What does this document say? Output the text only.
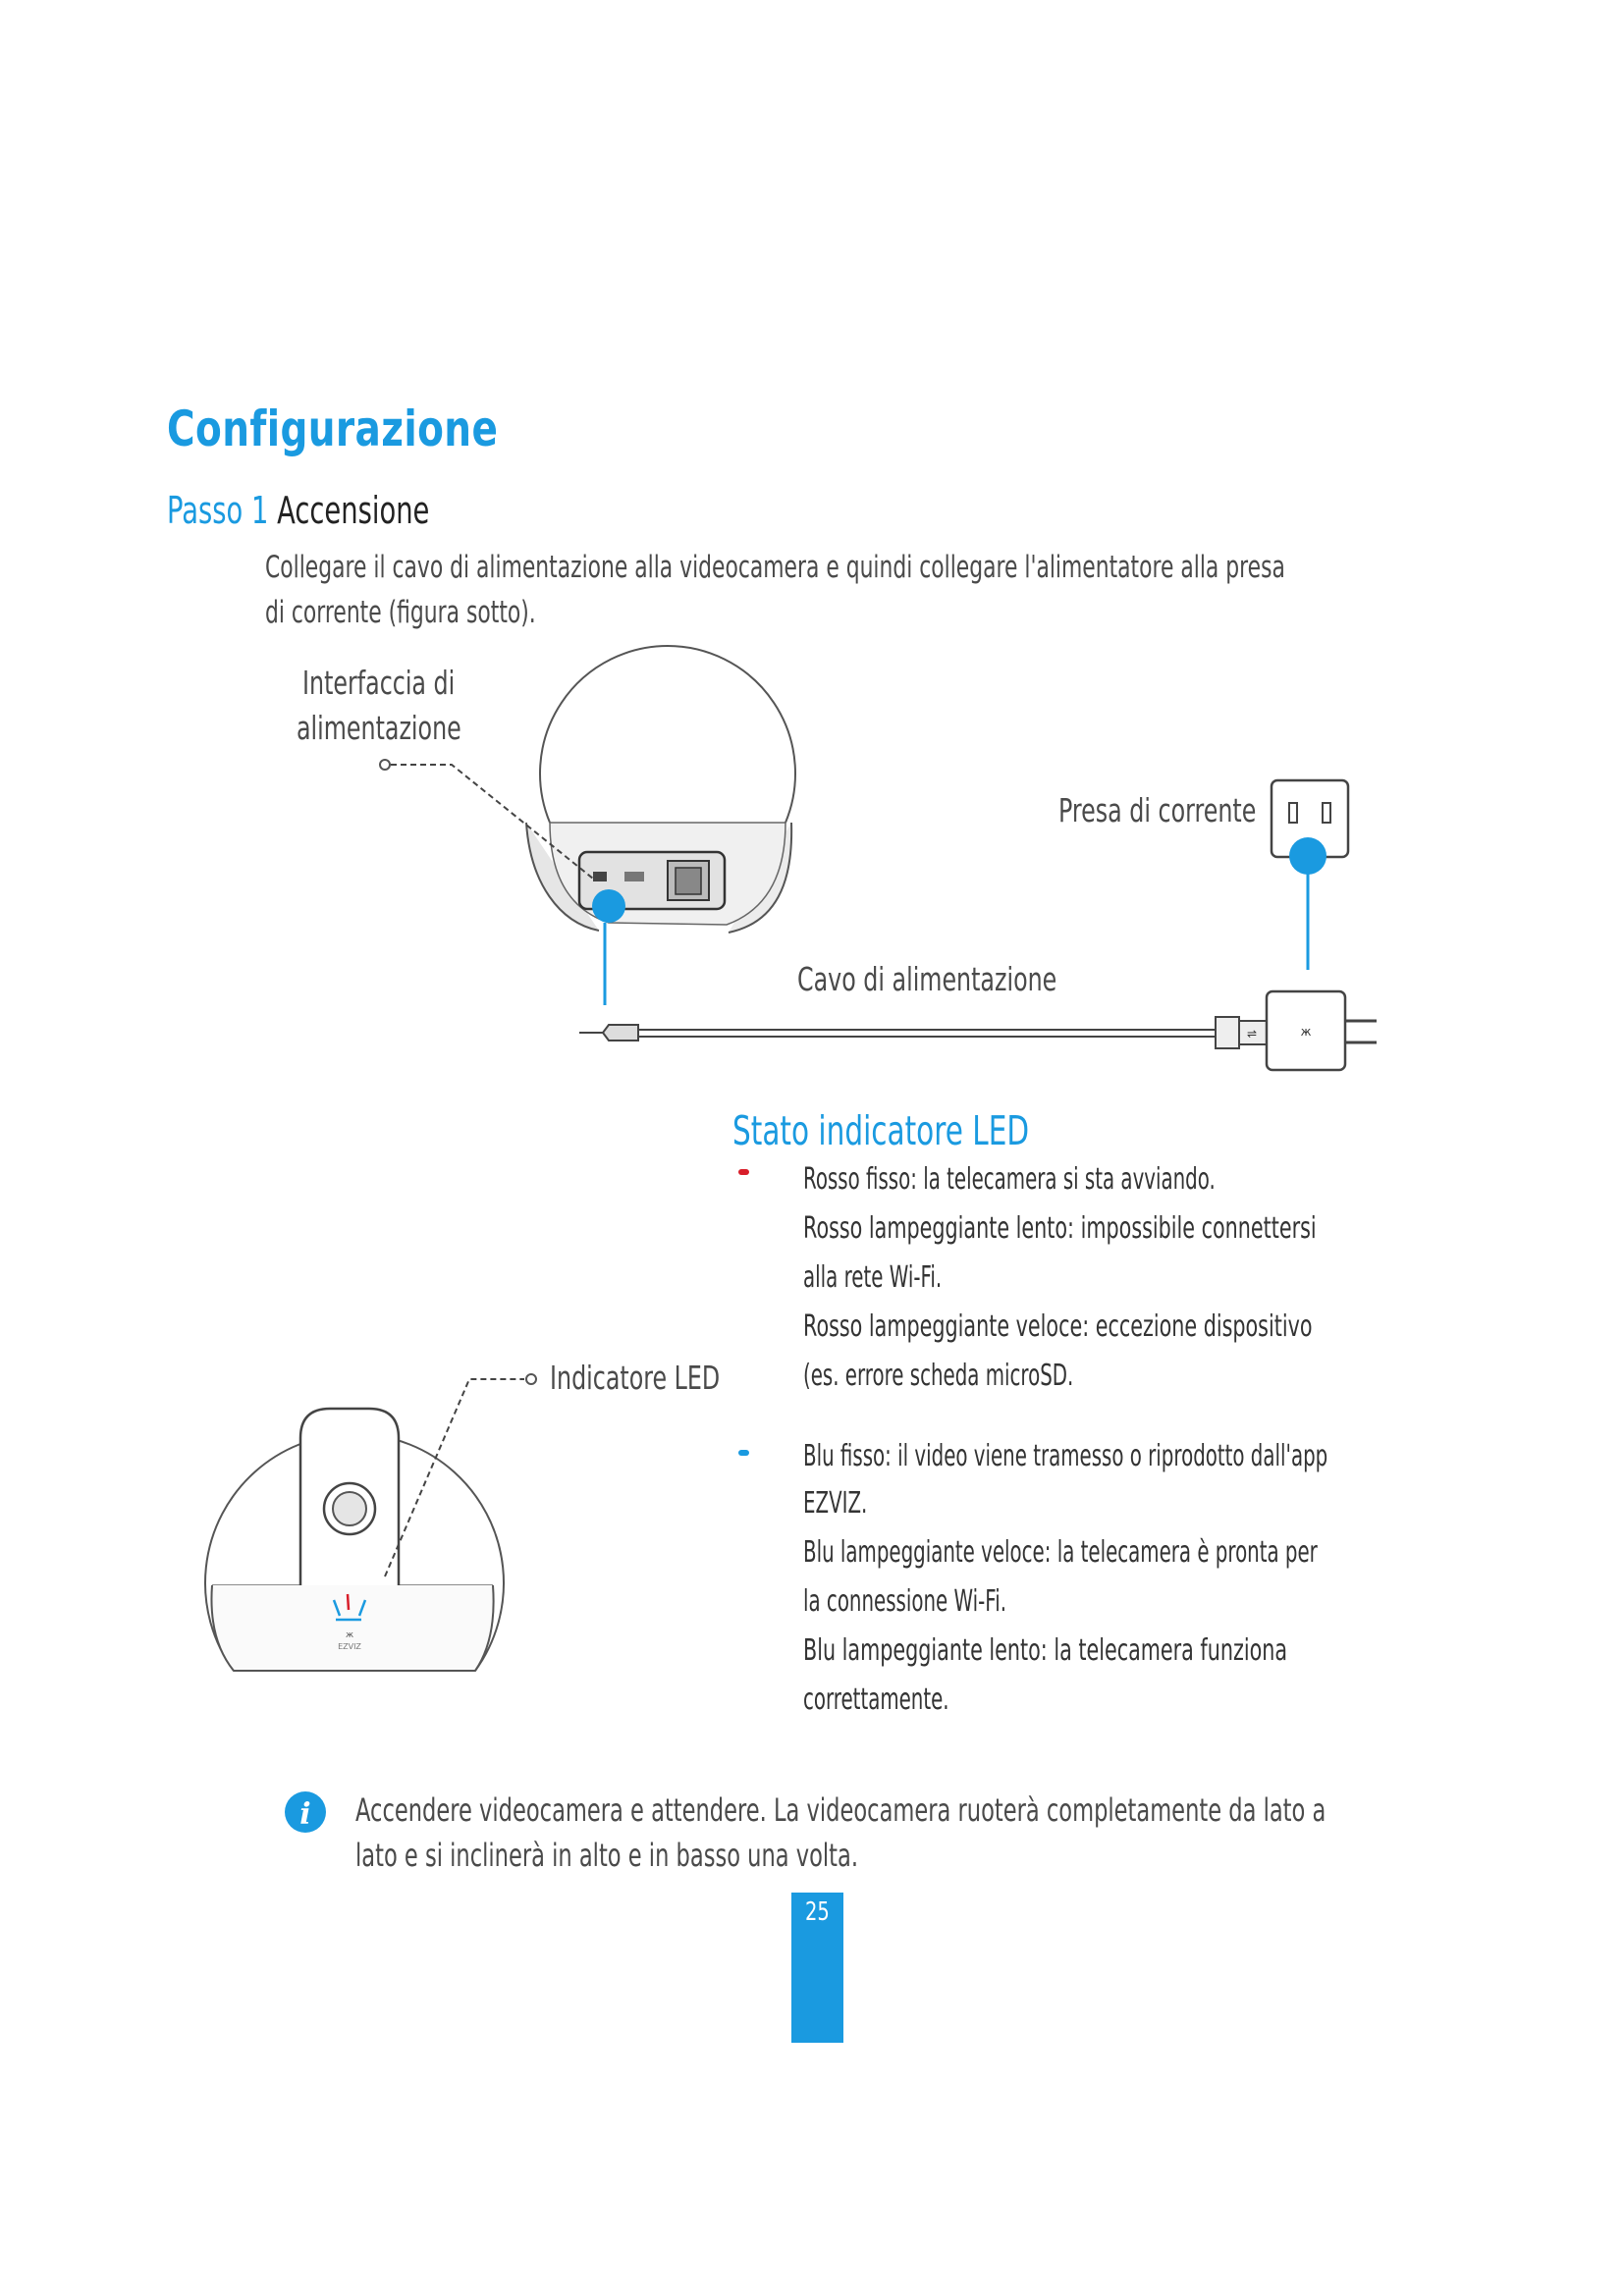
Configurazione
Passo 1 Accensione
Collegare il cavo di alimentazione alla videocamera e quindi collegare l'alimentatore alla presa
di corrente (figura sotto).
ж
⇌
ж
EZVIZ
i
Interfaccia di
alimentazione
Presa di corrente
Cavo di alimentazione
Indicatore LED
Stato indicatore LED
Rosso fisso: la telecamera si sta avviando.
Rosso lampeggiante lento: impossibile connettersi
alla rete Wi-Fi.
Rosso lampeggiante veloce: eccezione dispositivo
(es. errore scheda microSD.
Blu fisso: il video viene tramesso o riprodotto dall'app
EZVIZ.
Blu lampeggiante veloce: la telecamera è pronta per
la connessione Wi-Fi.
Blu lampeggiante lento: la telecamera funziona
correttamente.
Accendere videocamera e attendere. La videocamera ruoterà completamente da lato a
lato e si inclinerà in alto e in basso una volta.
25
